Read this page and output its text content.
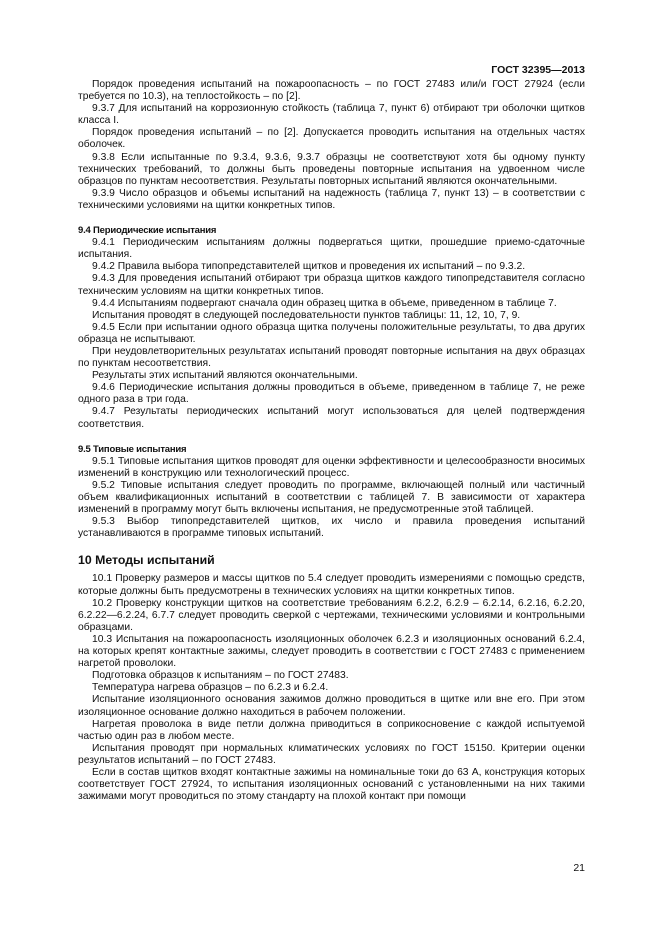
ГОСТ 32395—2013

Порядок проведения испытаний на пожароопасность – по ГОСТ 27483 или/и ГОСТ 27924 (если требуется по 10.3), на теплостойкость – по [2].

9.3.7 Для испытаний на коррозионную стойкость (таблица 7, пункт 6) отбирают три оболочки щитков класса I.

Порядок проведения испытаний – по [2]. Допускается проводить испытания на отдельных частях оболочек.

9.3.8 Если испытанные по 9.3.4, 9.3.6, 9.3.7 образцы не соответствуют хотя бы одному пункту технических требований, то должны быть проведены повторные испытания на удвоенном числе образцов по пунктам несоответствия. Результаты повторных испытаний являются окончательными.

9.3.9 Число образцов и объемы испытаний на надежность (таблица 7, пункт 13) – в соответствии с техническими условиями на щитки конкретных типов.

9.4 Периодические испытания

9.4.1 Периодическим испытаниям должны подвергаться щитки, прошедшие приемо-сдаточные испытания.

9.4.2 Правила выбора типопредставителей щитков и проведения их испытаний – по 9.3.2.

9.4.3 Для проведения испытаний отбирают три образца щитков каждого типопредставителя согласно техническим условиям на щитки конкретных типов.

9.4.4 Испытаниям подвергают сначала один образец щитка в объеме, приведенном в таблице 7.

Испытания проводят в следующей последовательности пунктов таблицы: 11, 12, 10, 7, 9.

9.4.5 Если при испытании одного образца щитка получены положительные результаты, то два других образца не испытывают.

При неудовлетворительных результатах испытаний проводят повторные испытания на двух образцах по пунктам несоответствия.

Результаты этих испытаний являются окончательными.

9.4.6 Периодические испытания должны проводиться в объеме, приведенном в таблице 7, не реже одного раза в три года.

9.4.7 Результаты периодических испытаний могут использоваться для целей подтверждения соответствия.

9.5 Типовые испытания

9.5.1 Типовые испытания щитков проводят для оценки эффективности и целесообразности вносимых изменений в конструкцию или технологический процесс.

9.5.2 Типовые испытания следует проводить по программе, включающей полный или частичный объем квалификационных испытаний в соответствии с таблицей 7. В зависимости от характера изменений в программу могут быть включены испытания, не предусмотренные этой таблицей.

9.5.3 Выбор типопредставителей щитков, их число и правила проведения испытаний устанавливаются в программе типовых испытаний.

10 Методы испытаний

10.1 Проверку размеров и массы щитков по 5.4 следует проводить измерениями с помощью средств, которые должны быть предусмотрены в технических условиях на щитки конкретных типов.

10.2 Проверку конструкции щитков на соответствие требованиям 6.2.2, 6.2.9 – 6.2.14, 6.2.16, 6.2.20, 6.2.22—6.2.24, 6.7.7 следует проводить сверкой с чертежами, техническими условиями и контрольными образцами.

10.3 Испытания на пожароопасность изоляционных оболочек 6.2.3 и изоляционных оснований 6.2.4, на которых крепят контактные зажимы, следует проводить в соответствии с ГОСТ 27483 с применением нагретой проволоки.

Подготовка образцов к испытаниям – по ГОСТ 27483.

Температура нагрева образцов – по 6.2.3 и 6.2.4.

Испытание изоляционного основания зажимов должно проводиться в щитке или вне его. При этом изоляционное основание должно находиться в рабочем положении.

Нагретая проволока в виде петли должна приводиться в соприкосновение с каждой испытуемой частью один раз в любом месте.

Испытания проводят при нормальных климатических условиях по ГОСТ 15150. Критерии оценки результатов испытаний – по ГОСТ 27483.

Если в состав щитков входят контактные зажимы на номинальные токи до 63 А, конструкция которых соответствует ГОСТ 27924, то испытания изоляционных оснований с установленными на них такими зажимами могут проводиться по этому стандарту на плохой контакт при помощи

21
